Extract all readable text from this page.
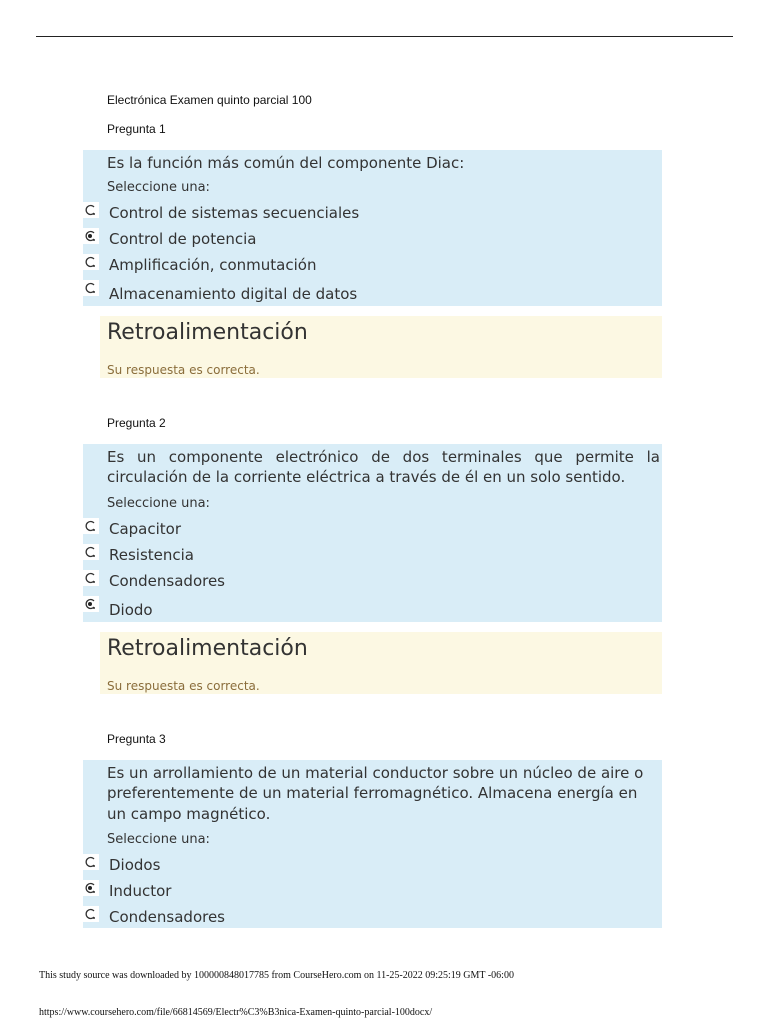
Electrónica Examen quinto parcial 100
Pregunta 1
Es la función más común del componente Diac:
Seleccione una:
Control de sistemas secuenciales
Control de potencia
Amplificación, conmutación
Almacenamiento digital de datos
Retroalimentación
Su respuesta es correcta.
Pregunta 2
Es un componente electrónico de dos terminales que permite la
circulación de la corriente eléctrica a través de él en un solo sentido.
Seleccione una:
Capacitor
Resistencia
Condensadores
Diodo
Retroalimentación
Su respuesta es correcta.
Pregunta 3
Es un arrollamiento de un material conductor sobre un núcleo de aire o
preferentemente de un material ferromagnético. Almacena energía en
un campo magnético.
Seleccione una:
Diodos
Inductor
Condensadores
This study source was downloaded by 100000848017785 from CourseHero.com on 11-25-2022 09:25:19 GMT -06:00
https://www.coursehero.com/file/66814569/Electr%C3%B3nica-Examen-quinto-parcial-100docx/
